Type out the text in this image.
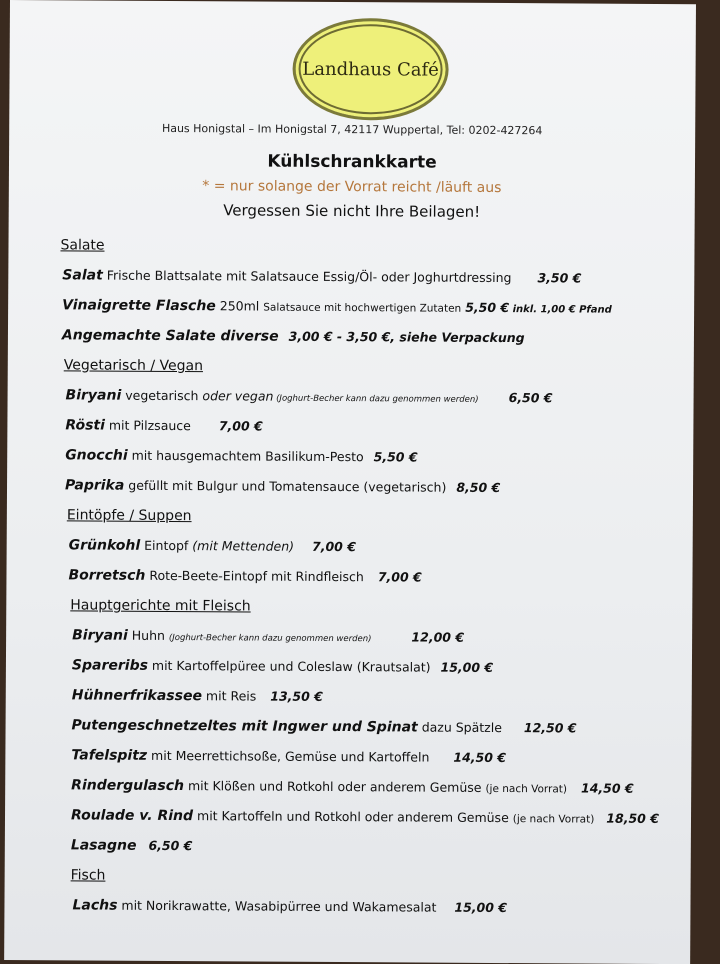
Landhaus Café
Haus Honigstal – Im Honigstal 7, 42117 Wuppertal, Tel: 0202-427264
Kühlschrankkarte
* = nur solange der Vorrat reicht /läuft aus
Vergessen Sie nicht Ihre Beilagen!
Salate
Salat Frische Blattsalate mit Salatsauce Essig/Öl- oder Joghurtdressing 3,50 €
Vinaigrette Flasche 250ml Salatsauce mit hochwertigen Zutaten 5,50 € inkl. 1,00 € Pfand
Angemachte Salate diverse 3,00 € - 3,50 €, siehe Verpackung
Vegetarisch / Vegan
Biryani vegetarisch oder vegan (Joghurt-Becher kann dazu genommen werden) 6,50 €
Rösti mit Pilzsauce 7,00 €
Gnocchi mit hausgemachtem Basilikum-Pesto 5,50 €
Paprika gefüllt mit Bulgur und Tomatensauce (vegetarisch) 8,50 €
Eintöpfe / Suppen
Grünkohl Eintopf (mit Mettenden) 7,00 €
Borretsch Rote-Beete-Eintopf mit Rindfleisch 7,00 €
Hauptgerichte mit Fleisch
Biryani Huhn (Joghurt-Becher kann dazu genommen werden)	12,00 €
Spareribs mit Kartoffelpüree und Coleslaw (Krautsalat) 15,00 €
Hühnerfrikassee mit Reis 13,50 €
Putengeschnetzeltes mit Ingwer und Spinat dazu Spätzle 12,50 €
Tafelspitz mit Meerrettichsoße, Gemüse und Kartoffeln 14,50 €
Rindergulasch mit Klößen und Rotkohl oder anderem Gemüse (je nach Vorrat) 14,50 €
Roulade v. Rind mit Kartoffeln und Rotkohl oder anderem Gemüse (je nach Vorrat) 18,50 €
Lasagne 6,50 €
Fisch
Lachs mit Norikrawatte, Wasabipürree und Wakamesalat 15,00 €
